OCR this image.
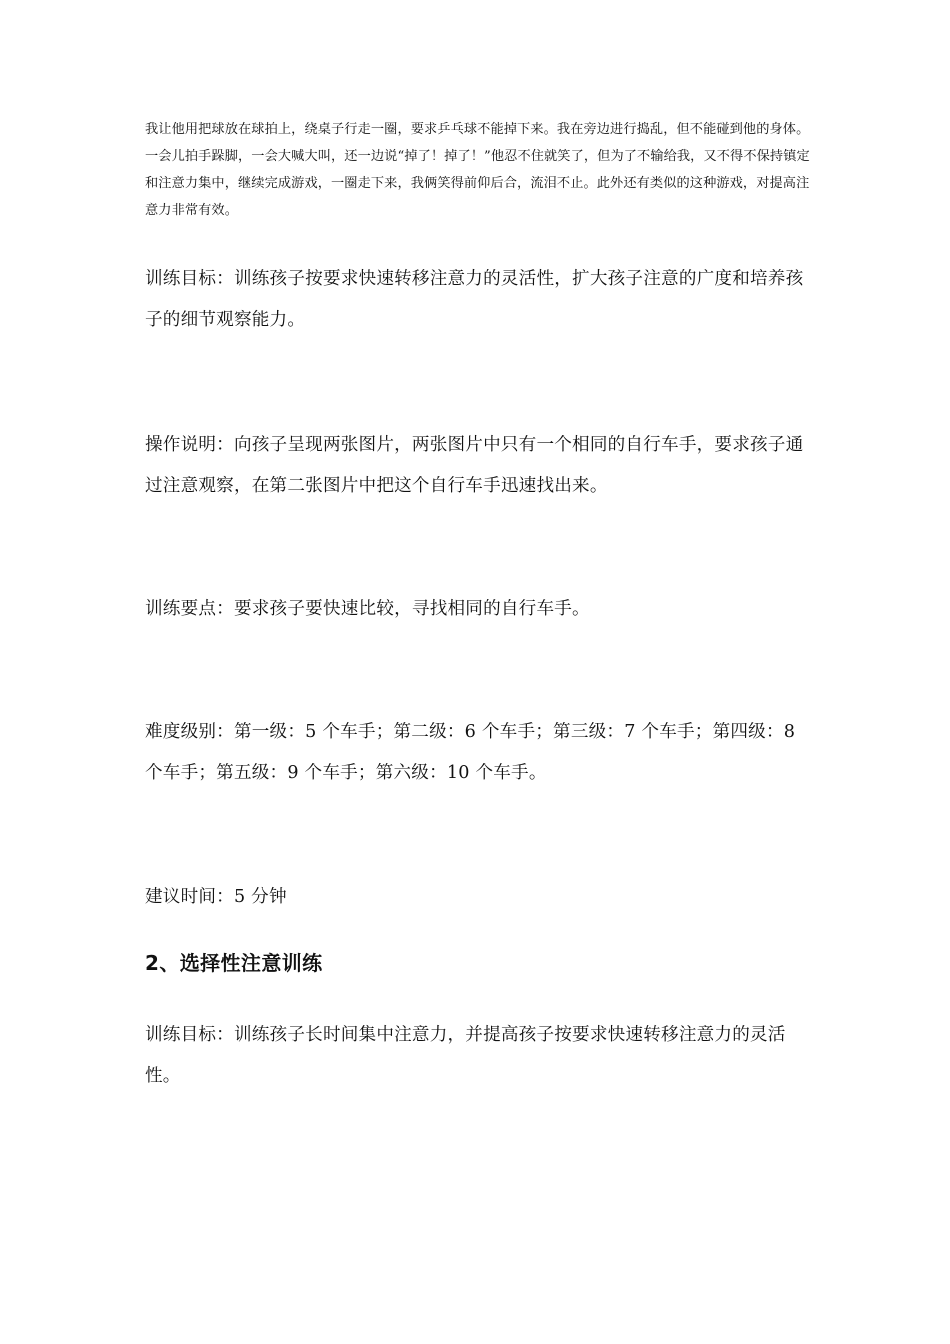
我让他用把球放在球拍上，绕桌子行走一圈，要求乒乓球不能掉下来。我在旁边进行捣乱，但不能碰到他的身体。一会儿拍手跺脚，一会大喊大叫，还一边说“掉了！掉了！”他忍不住就笑了，但为了不输给我，又不得不保持镇定和注意力集中，继续完成游戏，一圈走下来，我俩笑得前仰后合，流泪不止。此外还有类似的这种游戏，对提高注意力非常有效。

训练目标：训练孩子按要求快速转移注意力的灵活性，扩大孩子注意的广度和培养孩子的细节观察能力。

操作说明：向孩子呈现两张图片，两张图片中只有一个相同的自行车手，要求孩子通过注意观察，在第二张图片中把这个自行车手迅速找出来。

训练要点：要求孩子要快速比较，寻找相同的自行车手。

难度级别：第一级：5 个车手；第二级：6 个车手；第三级：7 个车手；第四级：8 个车手；第五级：9 个车手；第六级：10 个车手。

建议时间：5 分钟

2、选择性注意训练

训练目标：训练孩子长时间集中注意力，并提高孩子按要求快速转移注意力的灵活性。
